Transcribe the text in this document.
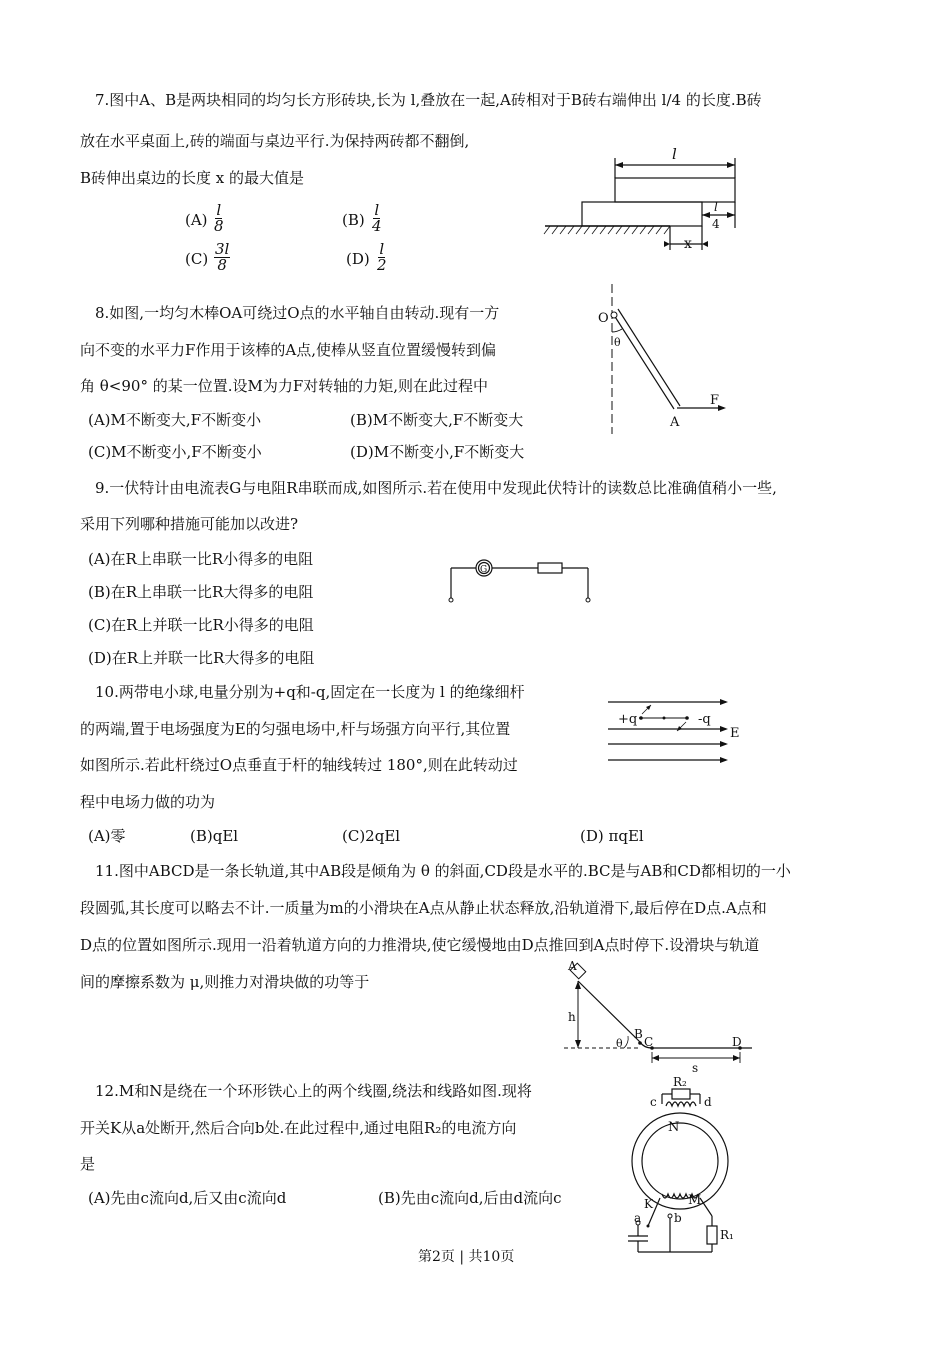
7.图中A、B是两块相同的均匀长方形砖块,长为 l,叠放在一起,A砖相对于B砖右端伸出 l/4 的长度.B砖
放在水平桌面上,砖的端面与桌边平行.为保持两砖都不翻倒,
B砖伸出桌边的长度 x 的最大值是
$(A) \frac{l}{8}$	$(B) \frac{l}{4}$
$(C) \frac{3l}{8}$	$(D) \frac{l}{2}$
l
l
4
x
8.如图,一均匀木棒OA可绕过O点的水平轴自由转动.现有一方
向不变的水平力F作用于该棒的A点,使棒从竖直位置缓慢转到偏
角 θ<90° 的某一位置.设M为力F对转轴的力矩,则在此过程中
(A)M不断变大,F不断变小	(B)M不断变大,F不断变大
(C)M不断变小,F不断变小	(D)M不断变小,F不断变大
O
θ
A
F
9.一伏特计由电流表G与电阻R串联而成,如图所示.若在使用中发现此伏特计的读数总比准确值稍小一些,
采用下列哪种措施可能加以改进?
(A)在R上串联一比R小得多的电阻
(B)在R上串联一比R大得多的电阻
(C)在R上并联一比R小得多的电阻
(D)在R上并联一比R大得多的电阻
G
10.两带电小球,电量分别为+q和-q,固定在一长度为 l 的绝缘细杆
的两端,置于电场强度为E的匀强电场中,杆与场强方向平行,其位置
如图所示.若此杆绕过O点垂直于杆的轴线转过 180°,则在此转动过
程中电场力做的功为
(A)零	(B)qEl	(C)2qEl	(D) πqEl
+q	-q
E
11.图中ABCD是一条长轨道,其中AB段是倾角为 θ 的斜面,CD段是水平的.BC是与AB和CD都相切的一小
段圆弧,其长度可以略去不计.一质量为m的小滑块在A点从静止状态释放,沿轨道滑下,最后停在D点.A点和
D点的位置如图所示.现用一沿着轨道方向的力推滑块,使它缓慢地由D点推回到A点时停下.设滑块与轨道
间的摩擦系数为 μ,则推力对滑块做的功等于
A
h
B
C
θ	D
s
12.M和N是绕在一个环形铁心上的两个线圈,绕法和线路如图.现将
开关K从a处断开,然后合向b处.在此过程中,通过电阻R₂的电流方向
是
(A)先由c流向d,后又由c流向d	(B)先由c流向d,后由d流向c
R₂
c	d
N
M
K
a	b
R₁
第2页 | 共10页
